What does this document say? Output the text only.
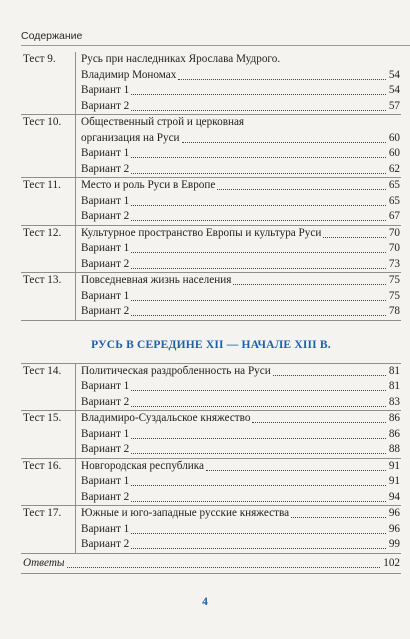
Содержание
Тест 9. Русь при наследниках Ярослава Мудрого.
Владимир Мономах	54
Вариант 1	54
Вариант 2	57
Тест 10. Общественный строй и церковная
организация на Руси	60
Вариант 1	60
Вариант 2	62
Тест 11. Место и роль Руси в Европе	65
Вариант 1	65
Вариант 2	67
Тест 12. Культурное пространство Европы и культура Руси	70
Вариант 1	70
Вариант 2	73
Тест 13. Повседневная жизнь населения	75
Вариант 1	75
Вариант 2	78
РУСЬ В СЕРЕДИНЕ XII — НАЧАЛЕ XIII В.
Тест 14. Политическая раздробленность на Руси	81
Вариант 1	81
Вариант 2	83
Тест 15. Владимиро-Суздальское княжество	86
Вариант 1	86
Вариант 2	88
Тест 16. Новгородская республика	91
Вариант 1	91
Вариант 2	94
Тест 17. Южные и юго-западные русские княжества	96
Вариант 1	96
Вариант 2	99
Ответы	102
4
